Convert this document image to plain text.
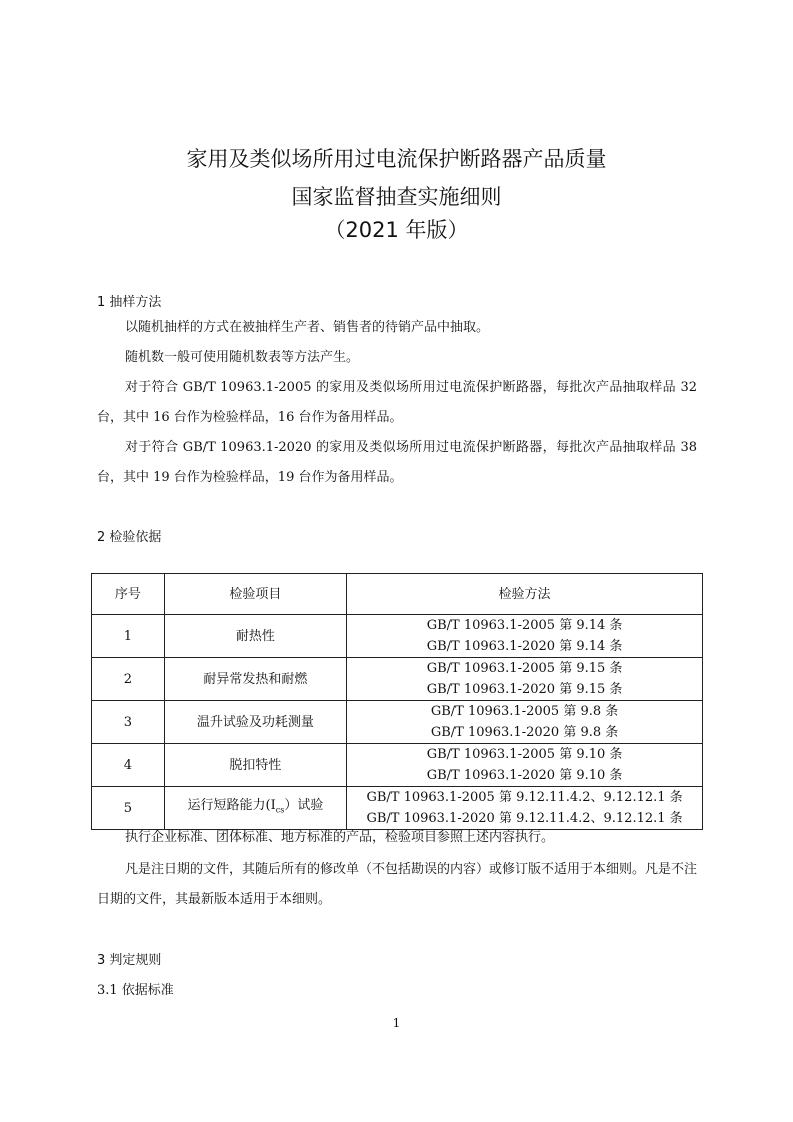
家用及类似场所用过电流保护断路器产品质量
国家监督抽查实施细则
（2021 年版）
1 抽样方法
以随机抽样的方式在被抽样生产者、销售者的待销产品中抽取。
随机数一般可使用随机数表等方法产生。
对于符合 GB/T 10963.1-2005 的家用及类似场所用过电流保护断路器，每批次产品抽取样品 32 台，其中 16 台作为检验样品，16 台作为备用样品。
对于符合 GB/T 10963.1-2020 的家用及类似场所用过电流保护断路器，每批次产品抽取样品 38 台，其中 19 台作为检验样品，19 台作为备用样品。
2 检验依据
序号	检验项目	检验方法
1	耐热性	GB/T 10963.1-2005 第 9.14 条
GB/T 10963.1-2020 第 9.14 条

2	耐异常发热和耐燃	GB/T 10963.1-2005 第 9.15 条
GB/T 10963.1-2020 第 9.15 条

3	温升试验及功耗测量	GB/T 10963.1-2005 第 9.8 条
GB/T 10963.1-2020 第 9.8 条

4	脱扣特性	GB/T 10963.1-2005 第 9.10 条
GB/T 10963.1-2020 第 9.10 条

5	运行短路能力$(I_{cs})$试验	GB/T 10963.1-2005 第 9.12.11.4.2、9.12.12.1 条
GB/T 10963.1-2020 第 9.12.11.4.2、9.12.12.1 条
执行企业标准、团体标准、地方标准的产品，检验项目参照上述内容执行。
凡是注日期的文件，其随后所有的修改单（不包括勘误的内容）或修订版不适用于本细则。凡是不注日期的文件，其最新版本适用于本细则。
3 判定规则
3.1 依据标准
1
